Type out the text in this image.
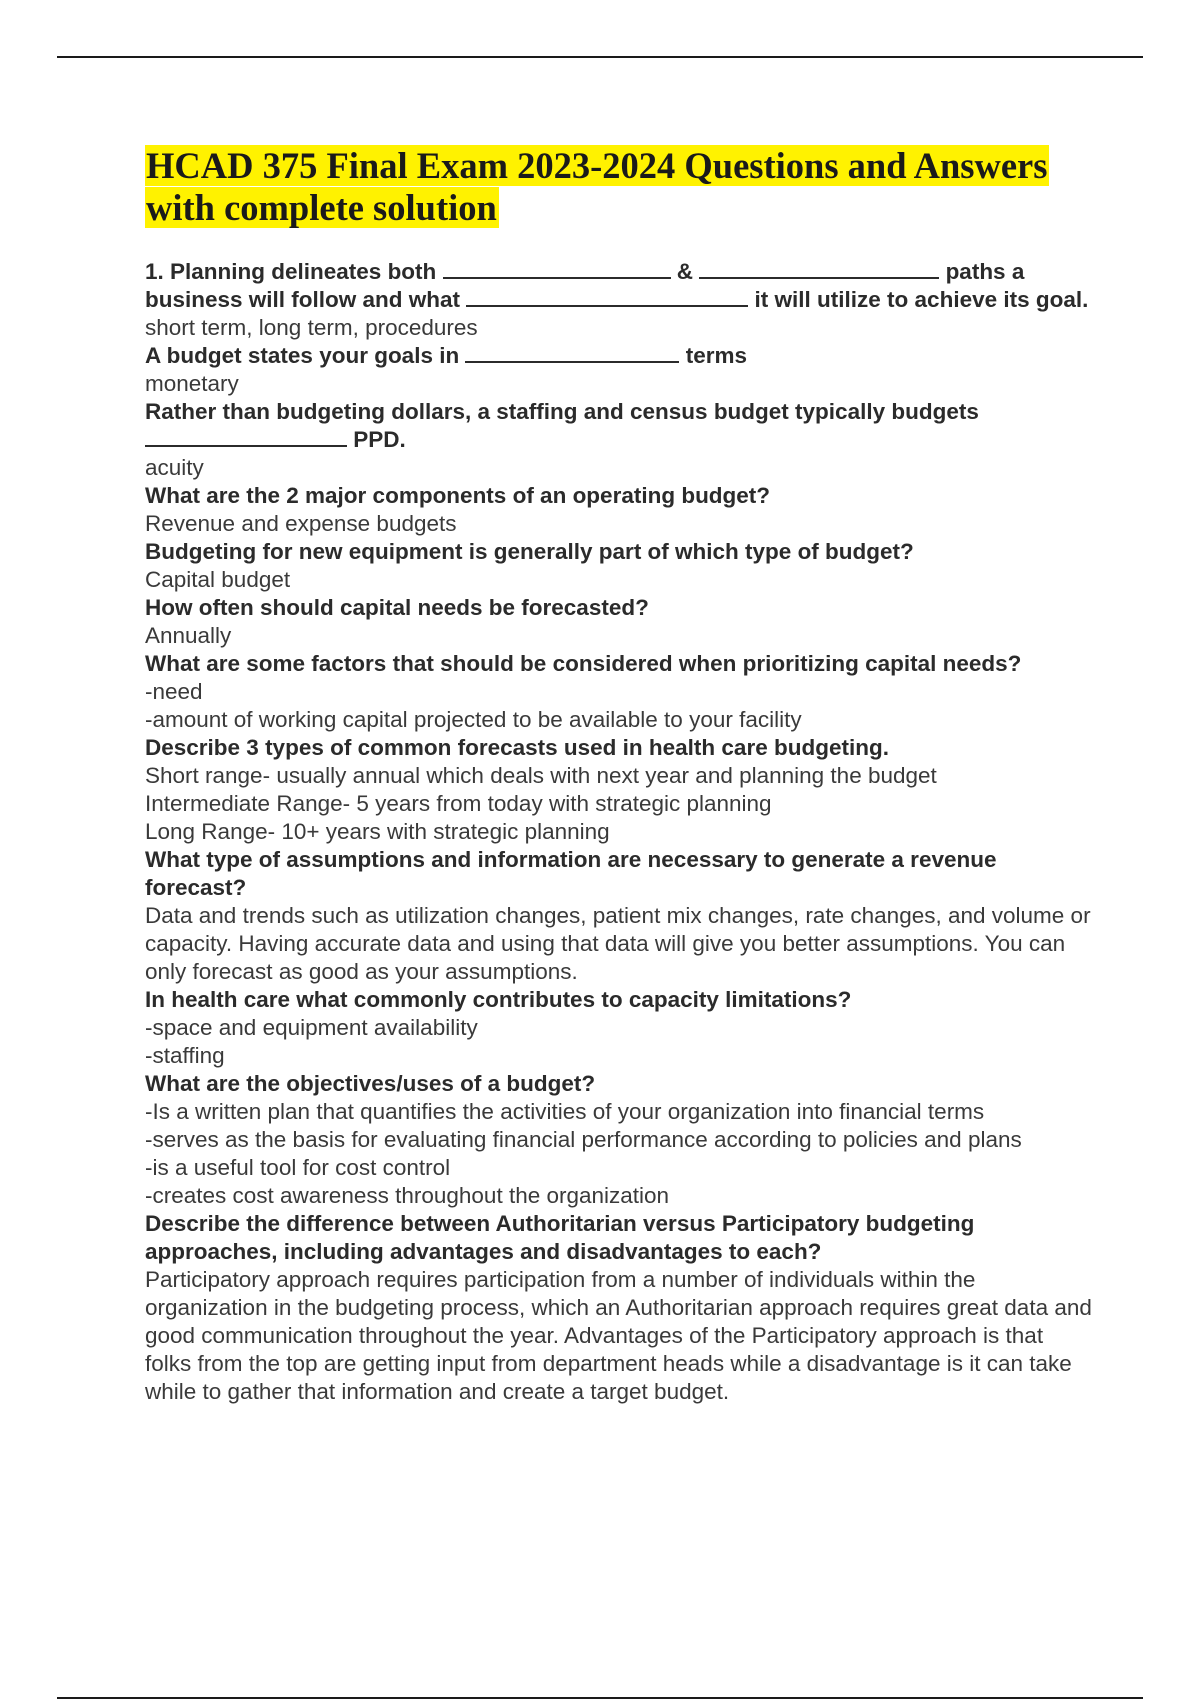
HCAD 375 Final Exam 2023-2024 Questions and Answers with complete solution

1. Planning delineates both	&	paths a business will follow and what	it will utilize to achieve its goal.

short term, long term, procedures

A budget states your goals in	terms

monetary

Rather than budgeting dollars, a staffing and census budget typically budgets  PPD.

acuity

What are the 2 major components of an operating budget?

Revenue and expense budgets

Budgeting for new equipment is generally part of which type of budget?

Capital budget

How often should capital needs be forecasted?

Annually

What are some factors that should be considered when prioritizing capital needs?

-need

-amount of working capital projected to be available to your facility

Describe 3 types of common forecasts used in health care budgeting.

Short range- usually annual which deals with next year and planning the budget

Intermediate Range- 5 years from today with strategic planning

Long Range- 10+ years with strategic planning

What type of assumptions and information are necessary to generate a revenue forecast?

Data and trends such as utilization changes, patient mix changes, rate changes, and volume or capacity. Having accurate data and using that data will give you better assumptions. You can only forecast as good as your assumptions.

In health care what commonly contributes to capacity limitations?

-space and equipment availability

-staffing

What are the objectives/uses of a budget?

-Is a written plan that quantifies the activities of your organization into financial terms

-serves as the basis for evaluating financial performance according to policies and plans

-is a useful tool for cost control

-creates cost awareness throughout the organization

Describe the difference between Authoritarian versus Participatory budgeting approaches, including advantages and disadvantages to each?

Participatory approach requires participation from a number of individuals within the organization in the budgeting process, which an Authoritarian approach requires great data and good communication throughout the year. Advantages of the Participatory approach is that folks from the top are getting input from department heads while a disadvantage is it can take while to gather that information and create a target budget.
